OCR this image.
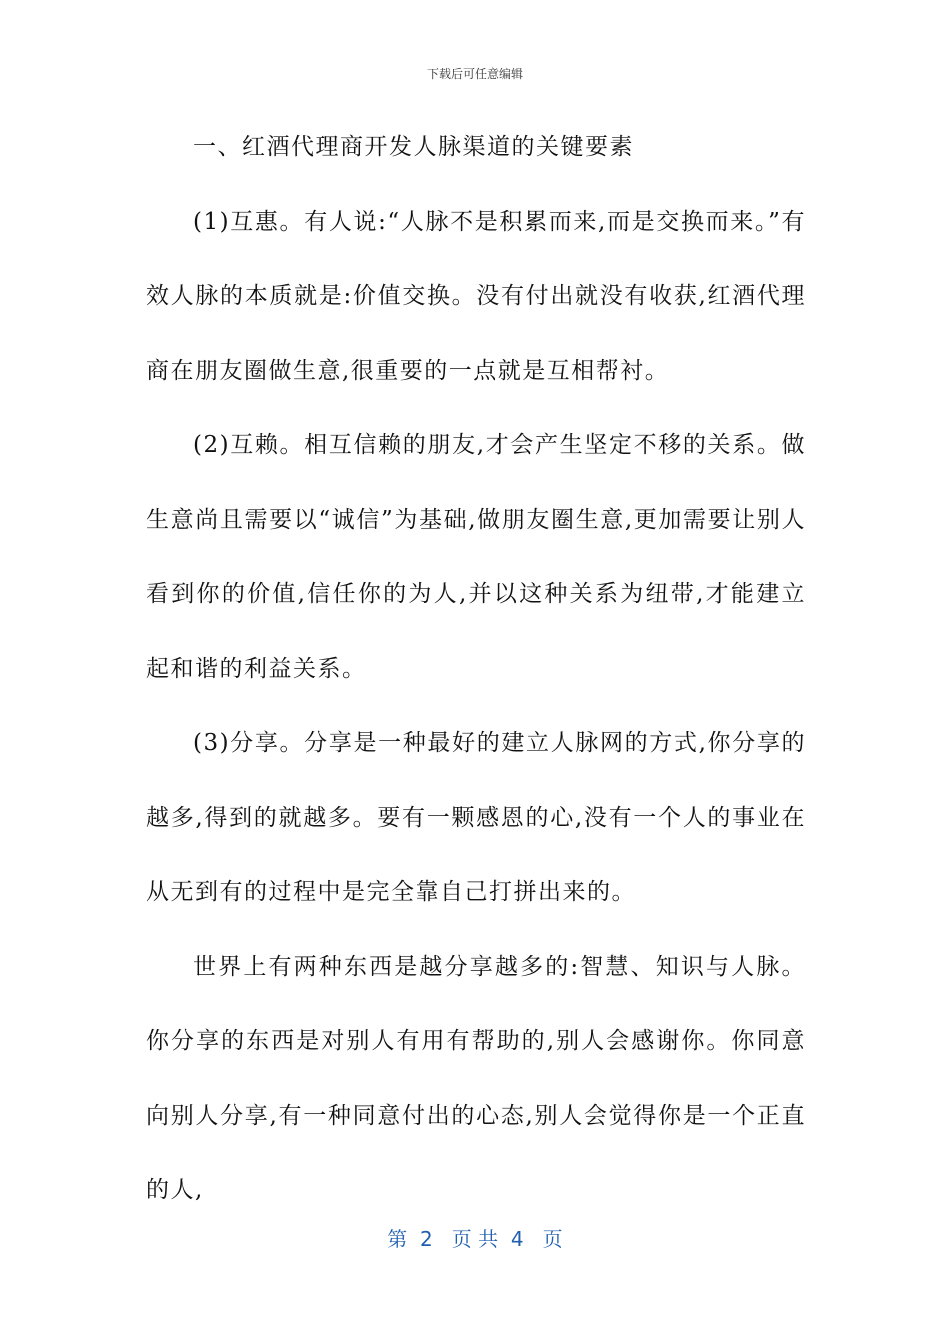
下载后可任意编辑

一、红酒代理商开发人脉渠道的关键要素

(1)互惠。有人说:“人脉不是积累而来,而是交换而来。”有效人脉的本质就是:价值交换。没有付出就没有收获,红酒代理商在朋友圈做生意,很重要的一点就是互相帮衬。

(2)互赖。相互信赖的朋友,才会产生坚定不移的关系。做生意尚且需要以“诚信”为基础,做朋友圈生意,更加需要让别人看到你的价值,信任你的为人,并以这种关系为纽带,才能建立起和谐的利益关系。

(3)分享。分享是一种最好的建立人脉网的方式,你分享的越多,得到的就越多。要有一颗感恩的心,没有一个人的事业在从无到有的过程中是完全靠自己打拼出来的。

世界上有两种东西是越分享越多的:智慧、知识与人脉。你分享的东西是对别人有用有帮助的,别人会感谢你。你同意向别人分享,有一种同意付出的心态,别人会觉得你是一个正直的人,

第  2   页 共  4   页
